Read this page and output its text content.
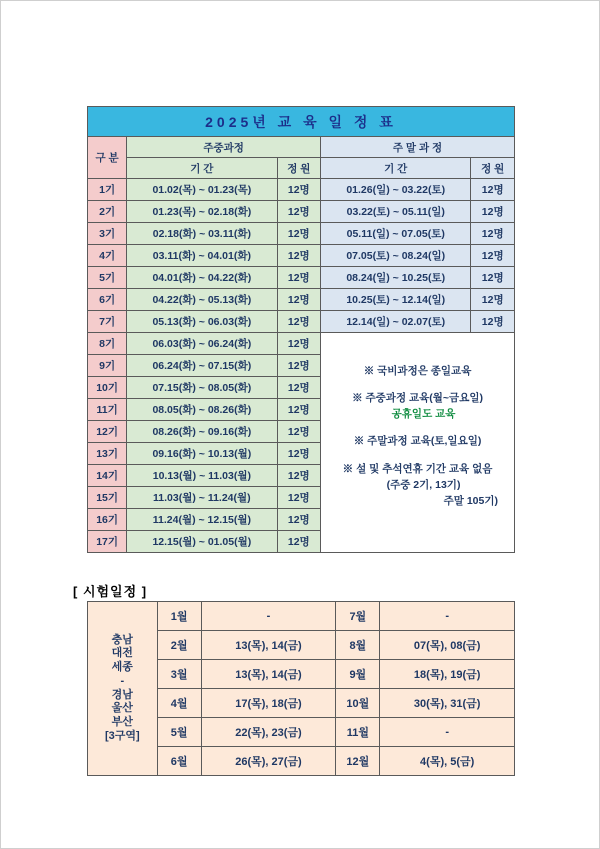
2025년 교 육 일 정 표				
구 분	주중과정		주 말 과 정	
	기 간	정 원	기 간	정 원
1기	01.02(목) ~ 01.23(목)	12명	01.26(일) ~ 03.22(토)	12명
2기	01.23(목) ~ 02.18(화)	12명	03.22(토) ~ 05.11(일)	12명
3기	02.18(화) ~ 03.11(화)	12명	05.11(일) ~ 07.05(토)	12명
4기	03.11(화) ~ 04.01(화)	12명	07.05(토) ~ 08.24(일)	12명
5기	04.01(화) ~ 04.22(화)	12명	08.24(일) ~ 10.25(토)	12명
6기	04.22(화) ~ 05.13(화)	12명	10.25(토) ~ 12.14(일)	12명
7기	05.13(화) ~ 06.03(화)	12명	12.14(일) ~ 02.07(토)	12명
8기	06.03(화) ~ 06.24(화)	12명	
※ 국비과정은 종일교육
※ 주중과정 교육(월~금요일)
공휴일도 교육
※ 주말과정 교육(토,일요일)
※ 설 및 추석연휴 기간 교육 없음
(주중 2기, 13기)
주말 105기)

9기	06.24(화) ~ 07.15(화)	12명		
10기	07.15(화) ~ 08.05(화)	12명		
11기	08.05(화) ~ 08.26(화)	12명		
12기	08.26(화) ~ 09.16(화)	12명		
13기	09.16(화) ~ 10.13(월)	12명		
14기	10.13(월) ~ 11.03(월)	12명		
15기	11.03(월) ~ 11.24(월)	12명		
16기	11.24(월) ~ 12.15(월)	12명		
17기	12.15(월) ~ 01.05(월)	12명		
[ 시험일정 ]
충남
대전
세종
-
경남
울산
부산
[3구역]
	1월	-	7월	-
	2월	13(목), 14(금)	8월	07(목), 08(금)
	3월	13(목), 14(금)	9월	18(목), 19(금)
	4월	17(목), 18(금)	10월	30(목), 31(금)
	5월	22(목), 23(금)	11월	-
	6월	26(목), 27(금)	12월	4(목), 5(금)
